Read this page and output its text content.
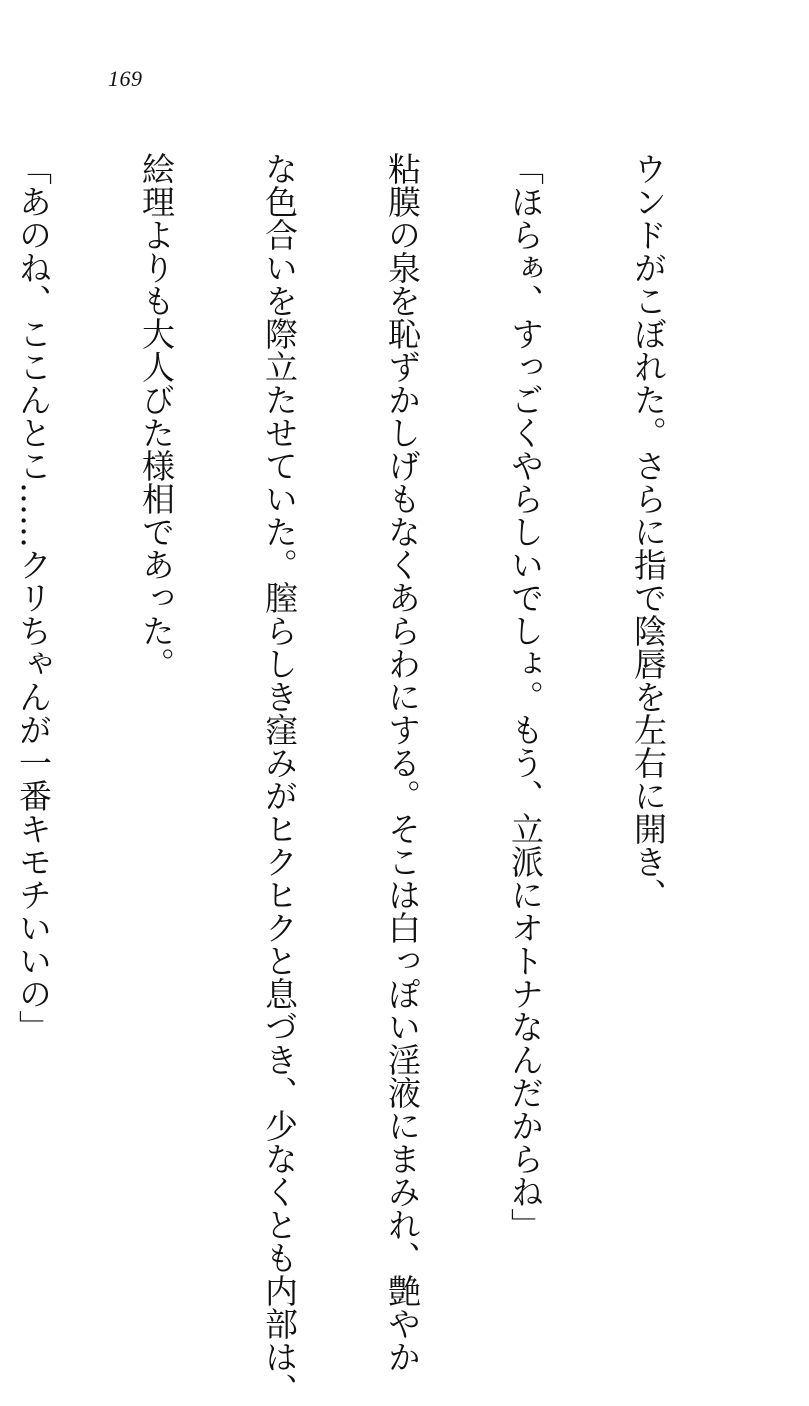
169

ウンドがこぼれた。さらに指で陰唇を左右に開き、

「ほらぁ、すっごくやらしいでしょ。もう、立派にオトナなんだからね」

粘膜の泉を恥ずかしげもなくあらわにする。そこは白っぽい淫液にまみれ、艶やか

な色合いを際立たせていた。膣らしき窪みがヒクヒクと息づき、少なくとも内部は、

絵理よりも大人びた様相であった。

「あのね、ここんとこ……クリちゃんが一番キモチいいの」
